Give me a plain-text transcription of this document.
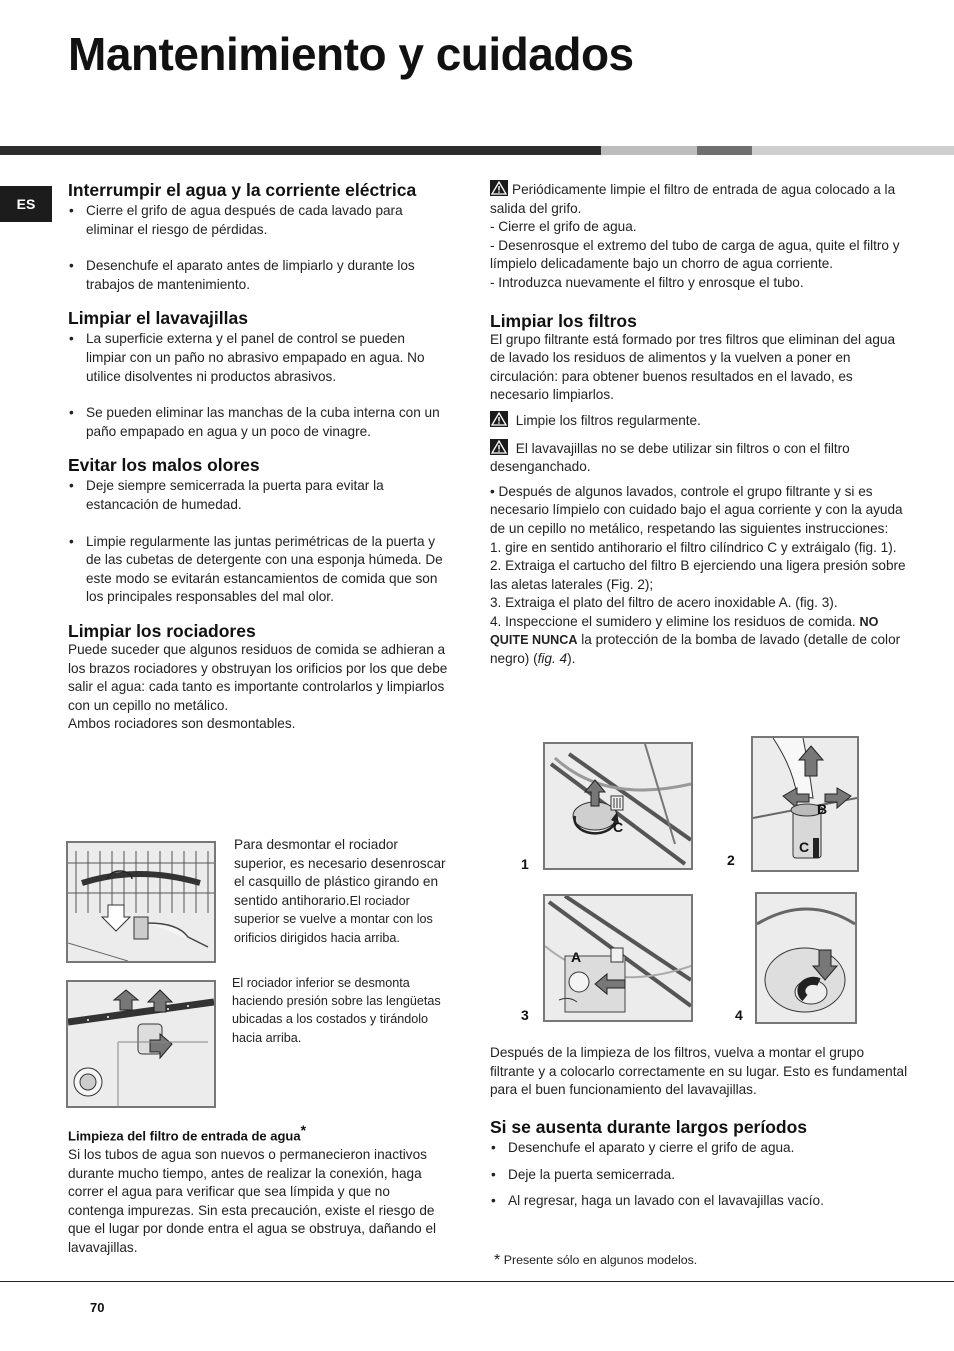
Mantenimiento y cuidados
ES
Interrumpir el agua y la corriente eléctrica
• Cierre el grifo de agua después de cada lavado para eliminar el riesgo de pérdidas.
• Desenchufe el aparato antes de limpiarlo y durante los trabajos de mantenimiento.
Limpiar el lavavajillas
• La superficie externa y el panel de control se pueden limpiar con un paño no abrasivo empapado en agua. No utilice disolventes ni productos abrasivos.
• Se pueden eliminar las manchas de la cuba interna con un paño empapado en agua y un poco de vinagre.
Evitar los malos olores
• Deje siempre semicerrada la puerta para evitar la estancación de humedad.
• Limpie regularmente las juntas perimétricas de la puerta y de las cubetas de detergente con una esponja húmeda. De este modo se evitarán estancamientos de comida que son los principales responsables del mal olor.
Limpiar los rociadores

Puede suceder que algunos residuos de comida se adhieran a los brazos rociadores y obstruyan los orificios por los que debe salir el agua: cada tanto es importante controlarlos y limpiarlos con un cepillo no metálico.

Ambos rociadores son desmontables.

Para desmontar el rociador superior, es necesario desenroscar el casquillo de plástico girando en sentido antihorario.El rociador superior se vuelve a montar con los orificios dirigidos hacia arriba.
El rociador inferior se desmonta haciendo presión sobre las lengüetas ubicadas a los costados y tirándolo hacia arriba.
Limpieza del filtro de entrada de agua*

Si los tubos de agua son nuevos o permanecieron inactivos durante mucho tiempo, antes de realizar la conexión, haga correr el agua para verificar que sea límpida y que no contenga impurezas. Sin esta precaución, existe el riesgo de que el lugar por donde entra el agua se obstruya, dañando el lavavajillas.

Periódicamente limpie el filtro de entrada de agua colocado a la salida del grifo.

- Cierre el grifo de agua.

- Desenrosque el extremo del tubo de carga de agua, quite el filtro y límpielo delicadamente bajo un chorro de agua corriente.

- Introduzca nuevamente el filtro y enrosque el tubo.

Limpiar los filtros

El grupo filtrante está formado por tres filtros que eliminan del agua de lavado los residuos de alimentos y la vuelven a poner en circulación: para obtener buenos resultados en el lavado, es necesario limpiarlos.

Limpie los filtros regularmente.

El lavavajillas no se debe utilizar sin filtros o con el filtro desenganchado.

• Después de algunos lavados, controle el grupo filtrante y si es necesario límpielo con cuidado bajo el agua corriente y con la ayuda de un cepillo no metálico, respetando las siguientes instrucciones:

1. gire en sentido antihorario el filtro cilíndrico C y extráigalo (fig. 1).

2. Extraiga el cartucho del filtro B ejerciendo una ligera presión sobre las aletas laterales (Fig. 2);

3. Extraiga el plato del filtro de acero inoxidable A. (fig. 3).

4. Inspeccione el sumidero y elimine los residuos de comida. NO QUITE NUNCA la protección de la bomba de lavado (detalle de color negro) (fig. 4).

1
C
2
B
C
3
A
4
Después de la limpieza de los filtros, vuelva a montar el grupo filtrante y a colocarlo correctamente en su lugar. Esto es fundamental para el buen funcionamiento del lavavajillas.
Si se ausenta durante largos períodos
• Desenchufe el aparato y cierre el grifo de agua.
• Deje la puerta semicerrada.
• Al regresar, haga un lavado con el lavavajillas vacío.
* Presente sólo en algunos modelos.
70
